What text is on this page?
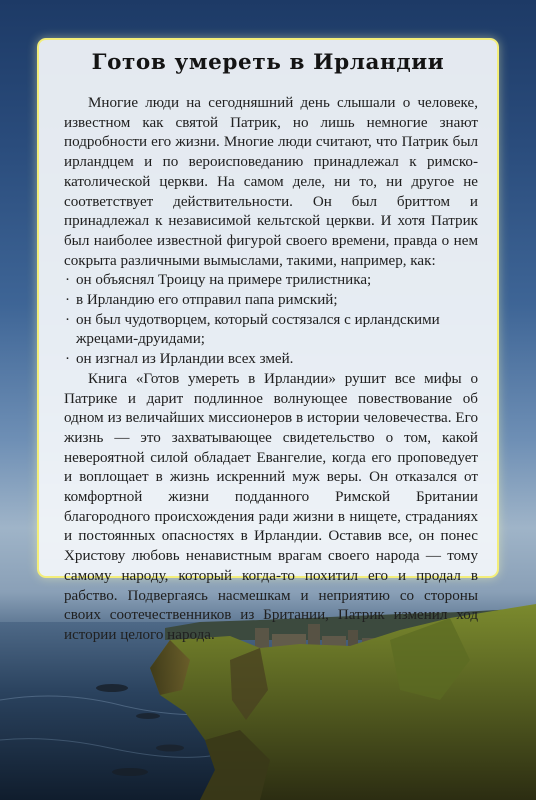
Готов умереть в Ирландии

Многие люди на сегодняшний день слышали о человеке, известном как святой Патрик, но лишь немногие знают подробности его жизни. Многие люди считают, что Патрик был ирландцем и по вероисповеданию принадлежал к римско-католической церкви. На самом деле, ни то, ни другое не соответствует действительности. Он был бриттом и принадлежал к независимой кельтской церкви. И хотя Патрик был наиболее известной фигурой своего времени, правда о нем сокрыта различными вымыслами, такими, например, как:

· он объяснял Троицу на примере трилистника;
· в Ирландию его отправил папа римский;
· он был чудотворцем, который состязался с ирландскими жрецами-друидами;
· он изгнал из Ирландии всех змей.

Книга «Готов умереть в Ирландии» рушит все мифы о Патрике и дарит подлинное волнующее повествование об одном из величайших миссионеров в истории человечества. Его жизнь — это захватывающее свидетельство о том, какой невероятной силой обладает Евангелие, когда его проповедует и воплощает в жизнь искренний муж веры. Он отказался от комфортной жизни подданного Римской Британии благородного происхождения ради жизни в нищете, страданиях и постоянных опасностях в Ирландии. Оставив все, он понес Христову любовь ненавистным врагам своего народа — тому самому народу, который когда-то похитил его и продал в рабство. Подвергаясь насмешкам и неприятию со стороны своих соотечественников из Британии, Патрик изменил ход истории целого народа.
